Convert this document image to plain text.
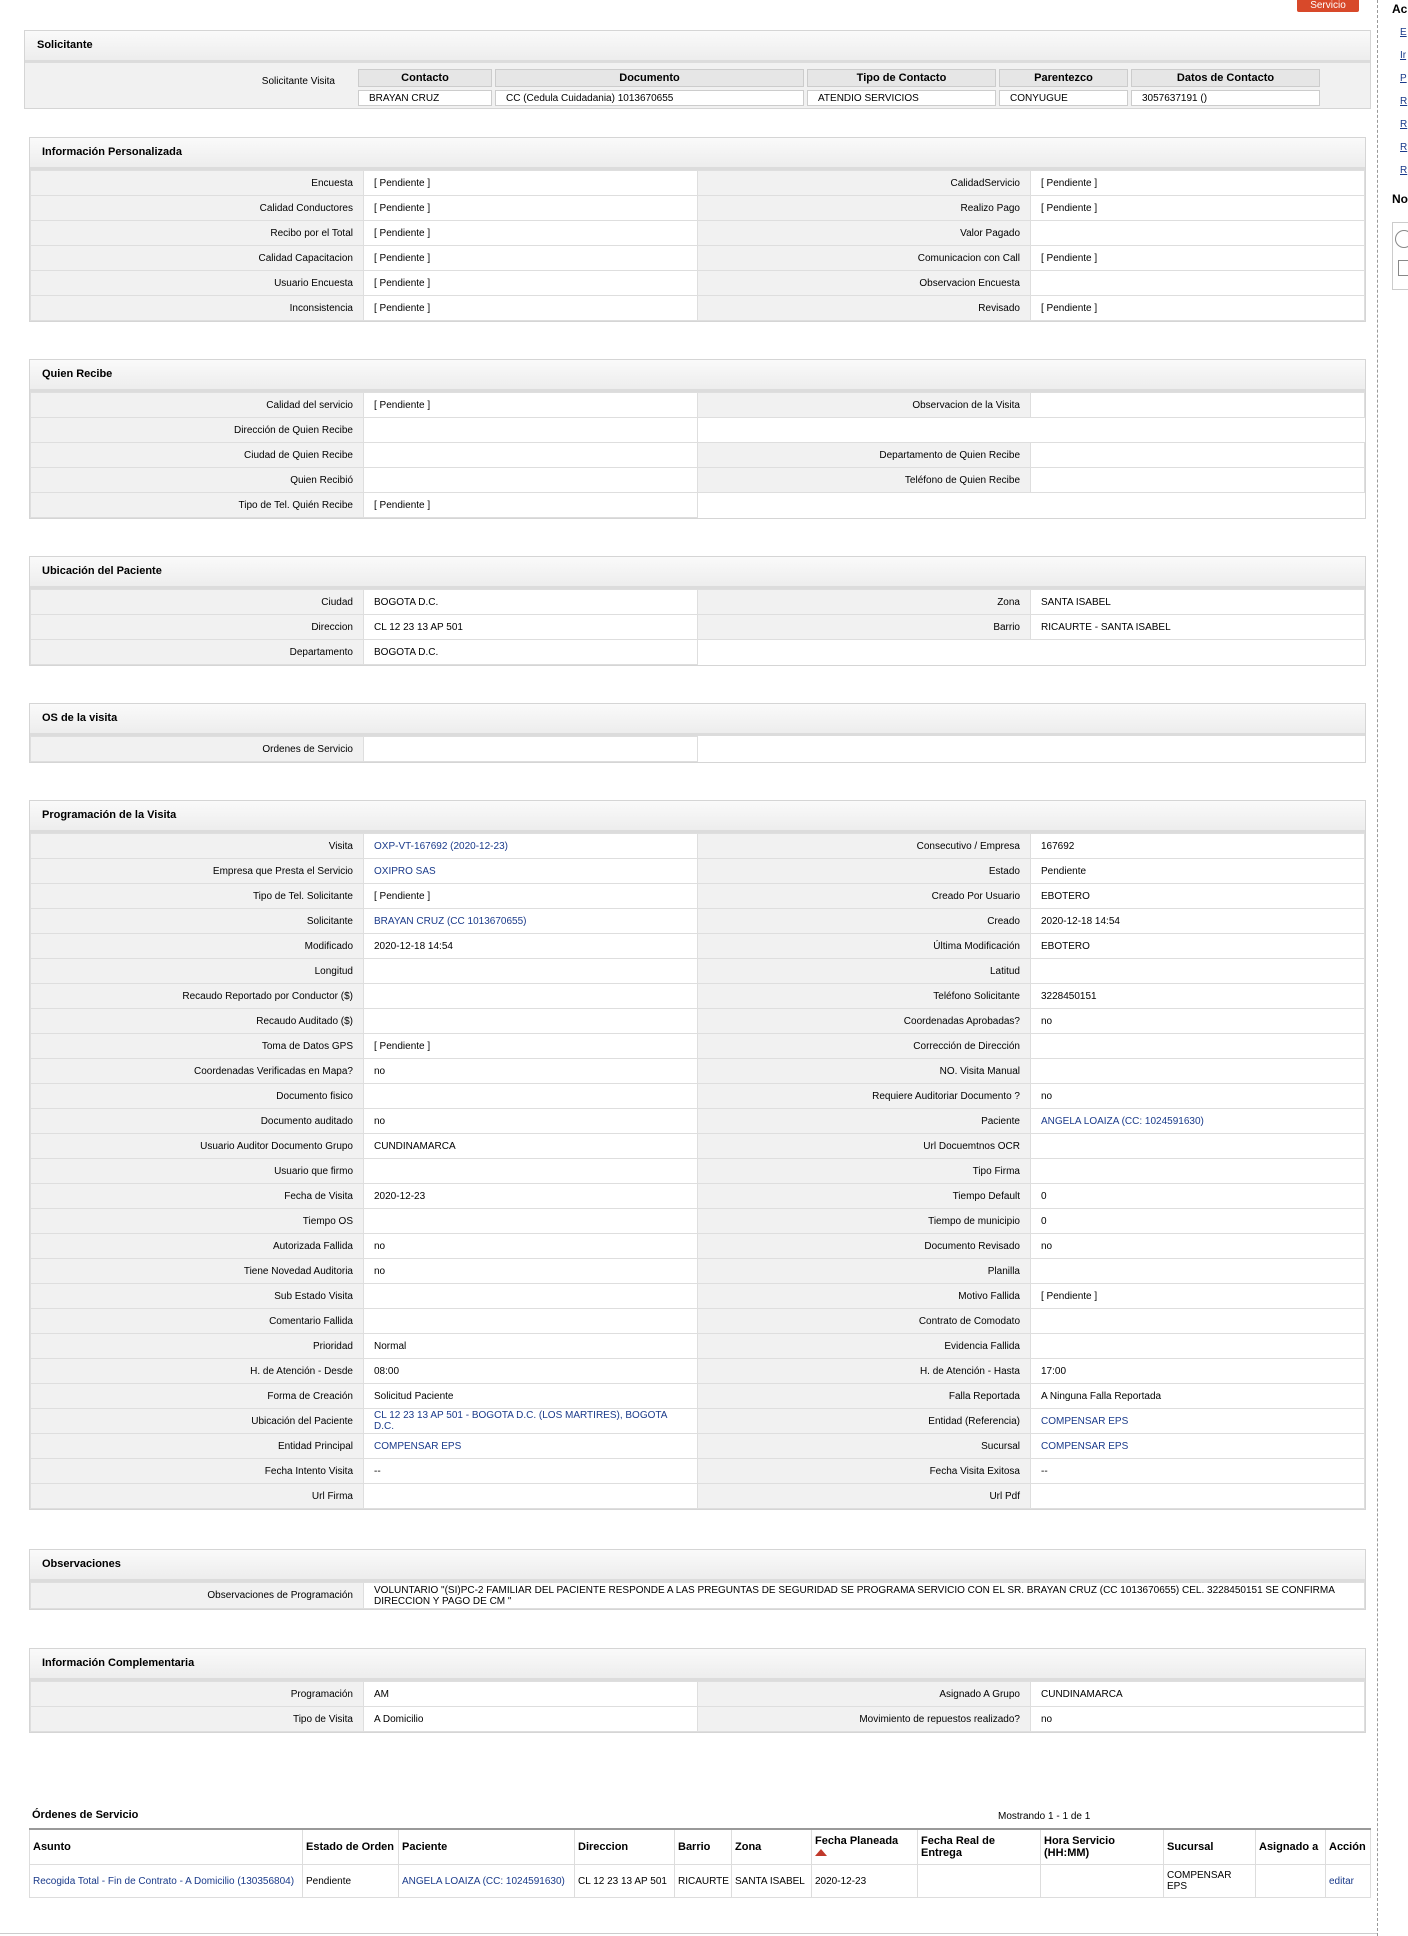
Servicio
Solicitante
Solicitante Visita	Contacto	Documento	Tipo de Contacto	Parentezco	Datos de Contacto
BRAYAN CRUZ	CC (Cedula Cuidadania) 1013670655	ATENDIO SERVICIOS	CONYUGUE	3057637191 ()
Información Personalizada
Encuesta	[ Pendiente ]	CalidadServicio	[ Pendiente ]
Calidad Conductores	[ Pendiente ]	Realizo Pago	[ Pendiente ]
Recibo por el Total	[ Pendiente ]	Valor Pagado	
Calidad Capacitacion	[ Pendiente ]	Comunicacion con Call	[ Pendiente ]
Usuario Encuesta	[ Pendiente ]	Observacion Encuesta	
Inconsistencia	[ Pendiente ]	Revisado	[ Pendiente ]
Quien Recibe
Calidad del servicio	[ Pendiente ]	Observacion de la Visita	
Dirección de Quien Recibe			
Ciudad de Quien Recibe		Departamento de Quien Recibe	
Quien Recibió		Teléfono de Quien Recibe	
Tipo de Tel. Quién Recibe	[ Pendiente ]		
Ubicación del Paciente
Ciudad	BOGOTA D.C.	Zona	SANTA ISABEL
Direccion	CL 12 23 13 AP 501	Barrio	RICAURTE - SANTA ISABEL
Departamento	BOGOTA D.C.		
OS de la visita
Ordenes de Servicio			
Programación de la Visita
Visita	OXP-VT-167692 (2020-12-23)	Consecutivo / Empresa	167692
Empresa que Presta el Servicio	OXIPRO SAS	Estado	Pendiente
Tipo de Tel. Solicitante	[ Pendiente ]	Creado Por Usuario	EBOTERO
Solicitante	BRAYAN CRUZ (CC 1013670655)	Creado	2020-12-18 14:54
Modificado	2020-12-18 14:54	Última Modificación	EBOTERO
Longitud		Latitud	
Recaudo Reportado por Conductor ($)		Teléfono Solicitante	3228450151
Recaudo Auditado ($)		Coordenadas Aprobadas?	no
Toma de Datos GPS	[ Pendiente ]	Corrección de Dirección	
Coordenadas Verificadas en Mapa?	no	NO. Visita Manual	
Documento fisico		Requiere Auditoriar Documento ?	no
Documento auditado	no	Paciente	ANGELA LOAIZA (CC: 1024591630)
Usuario Auditor Documento Grupo	CUNDINAMARCA	Url Docuemtnos OCR	
Usuario que firmo		Tipo Firma	
Fecha de Visita	2020-12-23	Tiempo Default	0
Tiempo OS		Tiempo de municipio	0
Autorizada Fallida	no	Documento Revisado	no
Tiene Novedad Auditoria	no	Planilla	
Sub Estado Visita		Motivo Fallida	[ Pendiente ]
Comentario Fallida		Contrato de Comodato	
Prioridad	Normal	Evidencia Fallida	
H. de Atención - Desde	08:00	H. de Atención - Hasta	17:00
Forma de Creación	Solicitud Paciente	Falla Reportada	A Ninguna Falla Reportada
Ubicación del Paciente	CL 12 23 13 AP 501 - BOGOTA D.C. (LOS MARTIRES), BOGOTA D.C.	Entidad (Referencia)	COMPENSAR EPS
Entidad Principal	COMPENSAR EPS	Sucursal	COMPENSAR EPS
Fecha Intento Visita	--	Fecha Visita Exitosa	--
Url Firma		Url Pdf	
Observaciones
Observaciones de Programación	VOLUNTARIO "(SI)PC-2 FAMILIAR DEL PACIENTE RESPONDE A LAS PREGUNTAS DE SEGURIDAD SE PROGRAMA SERVICIO CON EL SR. BRAYAN CRUZ (CC 1013670655) CEL. 3228450151 SE CONFIRMA DIRECCION Y PAGO DE CM "
Información Complementaria
Programación	AM	Asignado A Grupo	CUNDINAMARCA
Tipo de Visita	A Domicilio	Movimiento de repuestos realizado?	no
Órdenes de Servicio	Mostrando 1 - 1 de 1
Asunto	Estado de Orden	Paciente	Direccion	Barrio	Zona	Fecha Planeada	Fecha Real de Entrega	Hora Servicio (HH:MM)	Sucursal	Asignado a	Acción
Recogida Total - Fin de Contrato - A Domicilio (130356804)	Pendiente	ANGELA LOAIZA (CC: 1024591630)	CL 12 23 13 AP 501	RICAURTE	SANTA ISABEL	2020-12-23			COMPENSAR EPS		editar
Ac
E
Ir
P
R
R
R
R
No
